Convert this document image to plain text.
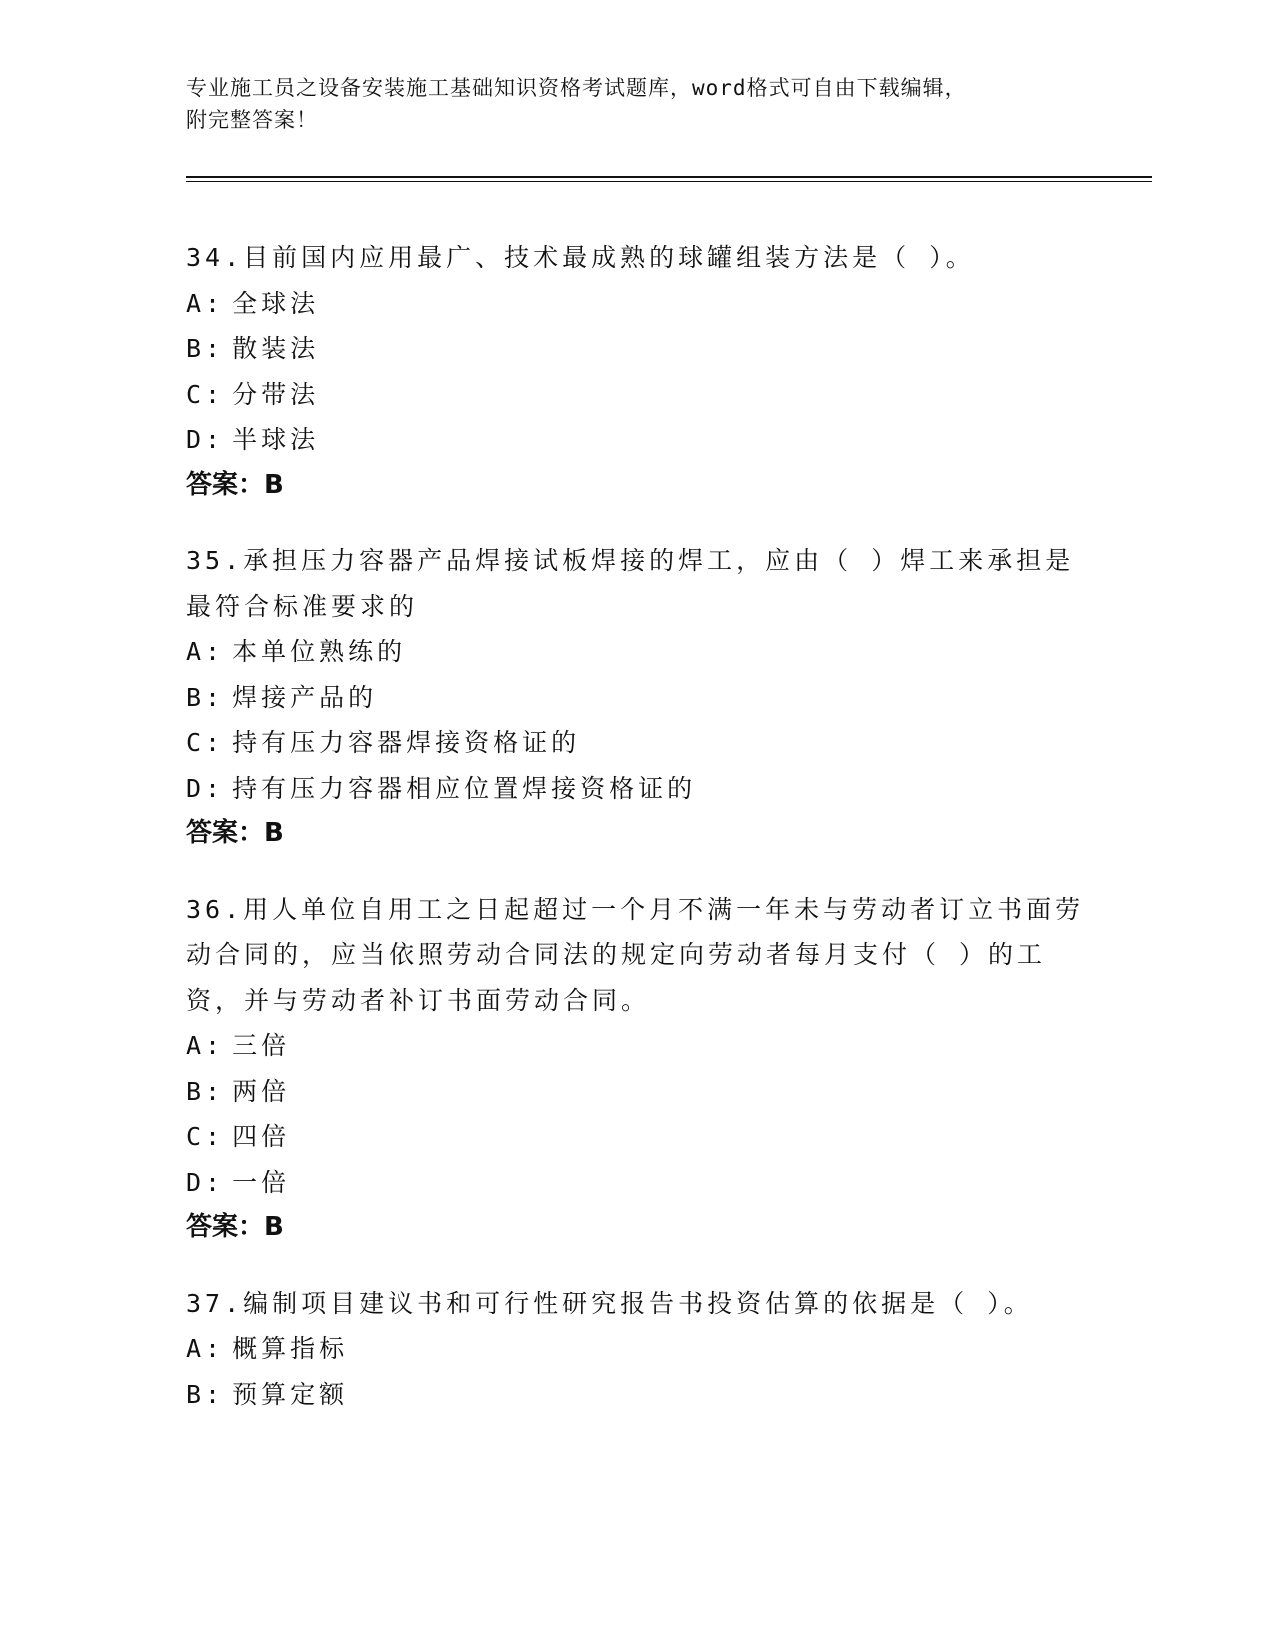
专业施工员之设备安装施工基础知识资格考试题库，word格式可自由下载编辑，
附完整答案！

34.目前国内应用最广、技术最成熟的球罐组装方法是（ ）。

A: 全球法

B: 散装法

C: 分带法

D: 半球法

答案：B

35.承担压力容器产品焊接试板焊接的焊工，应由（ ）焊工来承担是最符合标准要求的

A: 本单位熟练的

B: 焊接产品的

C: 持有压力容器焊接资格证的

D: 持有压力容器相应位置焊接资格证的

答案：B

36.用人单位自用工之日起超过一个月不满一年未与劳动者订立书面劳动合同的，应当依照劳动合同法的规定向劳动者每月支付（ ）的工资，并与劳动者补订书面劳动合同。

A: 三倍

B: 两倍

C: 四倍

D: 一倍

答案：B

37.编制项目建议书和可行性研究报告书投资估算的依据是（ ）。

A: 概算指标

B: 预算定额
